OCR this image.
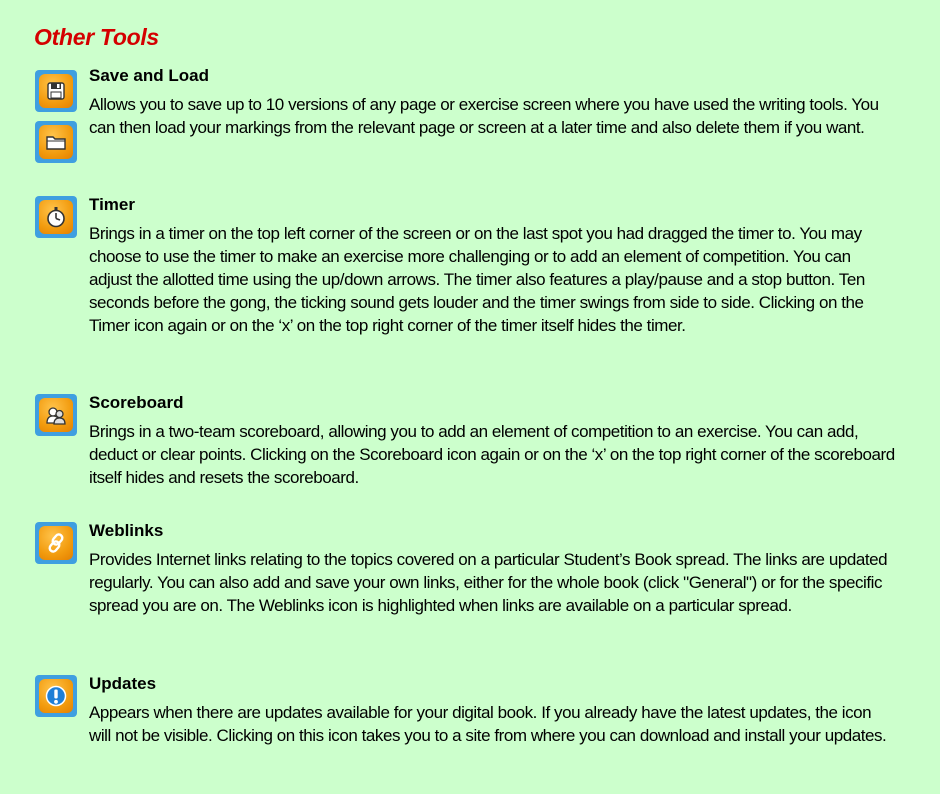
Other Tools
Save and Load
Allows you to save up to 10 versions of any page or exercise screen where you have used the writing tools. You can then load your markings from the relevant page or screen at a later time and also delete them if you want.
Timer
Brings in a timer on the top left corner of the screen or on the last spot you had dragged the timer to. You may choose to use the timer to make an exercise more challenging or to add an element of competition. You can adjust the allotted time using the up/down arrows. The timer also features a play/pause and a stop button. Ten seconds before the gong, the ticking sound gets louder and the timer swings from side to side. Clicking on the Timer icon again or on the ‘x’ on the top right corner of the timer itself hides the timer.
Scoreboard
Brings in a two-team scoreboard, allowing you to add an element of competition to an exercise. You can add, deduct or clear points. Clicking on the Scoreboard icon again or on the ‘x’ on the top right corner of the scoreboard itself hides and resets the scoreboard.
Weblinks
Provides Internet links relating to the topics covered on a particular Student’s Book spread. The links are updated regularly. You can also add and save your own links, either for the whole book (click "General") or for the specific spread you are on. The Weblinks icon is highlighted when links are available on a particular spread.
Updates
Appears when there are updates available for your digital book. If you already have the latest updates, the icon will not be visible. Clicking on this icon takes you to a site from where you can download and install your updates.
